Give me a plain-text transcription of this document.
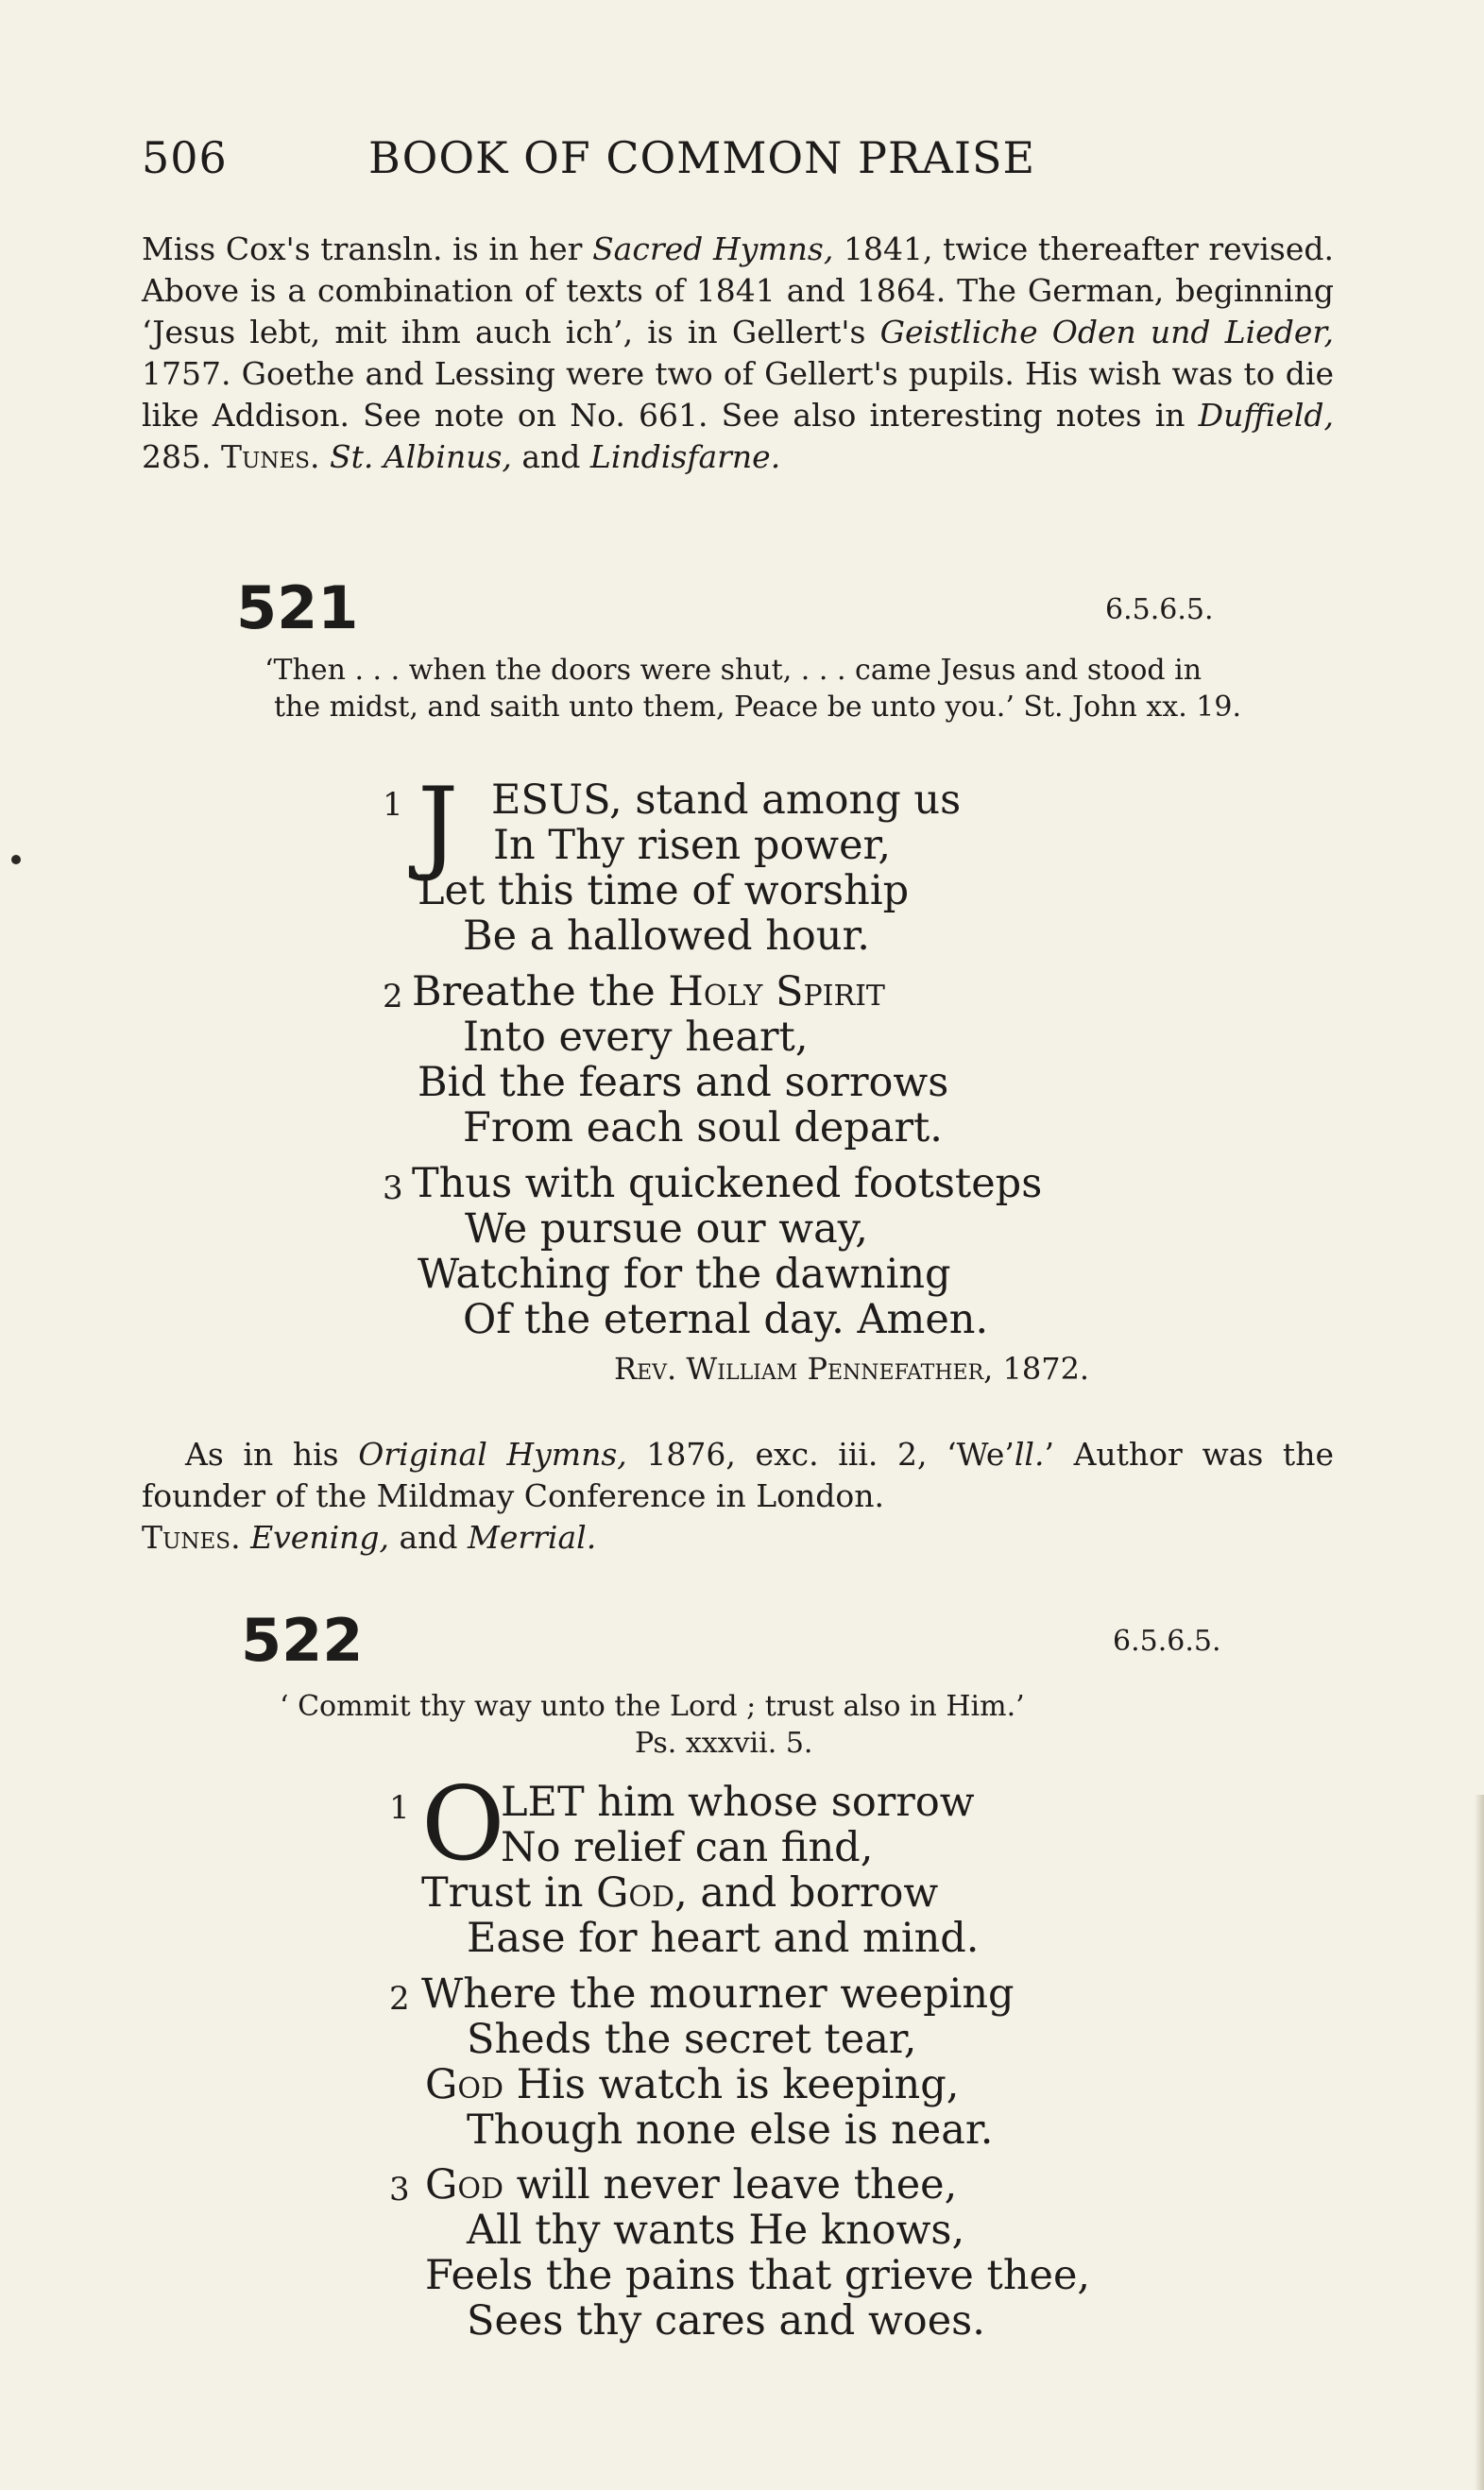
506	BOOK OF COMMON PRAISE

Miss Cox's transln. is in her Sacred Hymns, 1841, twice thereafter revised. Above is a combination of texts of 1841 and 1864. The German, beginning ‘Jesus lebt, mit ihm auch ich’, is in Gellert's Geistliche Oden und Lieder, 1757. Goethe and Lessing were two of Gellert's pupils. His wish was to die like Addison. See note on No. 661. See also interesting notes in Duffield, 285. Tunes. St. Albinus, and Lindisfarne.

521	6.5.6.5.
‘Then . . . when the doors were shut, . . . came Jesus and stood in the midst, and saith unto them, Peace be unto you.’ St. John xx. 19.
1 J ESUS, stand among us
In Thy risen power,
Let this time of worship
Be a hallowed hour.
2 Breathe the Holy Spirit
Into every heart,
Bid the fears and sorrows
From each soul depart.
3 Thus with quickened footsteps
We pursue our way,
Watching for the dawning
Of the eternal day. Amen.
Rev. William Pennefather, 1872.

As in his Original Hymns, 1876, exc. iii. 2, ‘We’ll.’ Author was the founder of the Mildmay Conference in London.
Tunes. Evening, and Merrial.

522	6.5.6.5.
‘ Commit thy way unto the Lord ; trust also in Him.’
Ps. xxxvii. 5.
1 O
LET him whose sorrow
No relief can find,
Trust in God, and borrow
Ease for heart and mind.
2 Where the mourner weeping
Sheds the secret tear,
God His watch is keeping,
Though none else is near.
3 God will never leave thee,
All thy wants He knows,
Feels the pains that grieve thee,
Sees thy cares and woes.
